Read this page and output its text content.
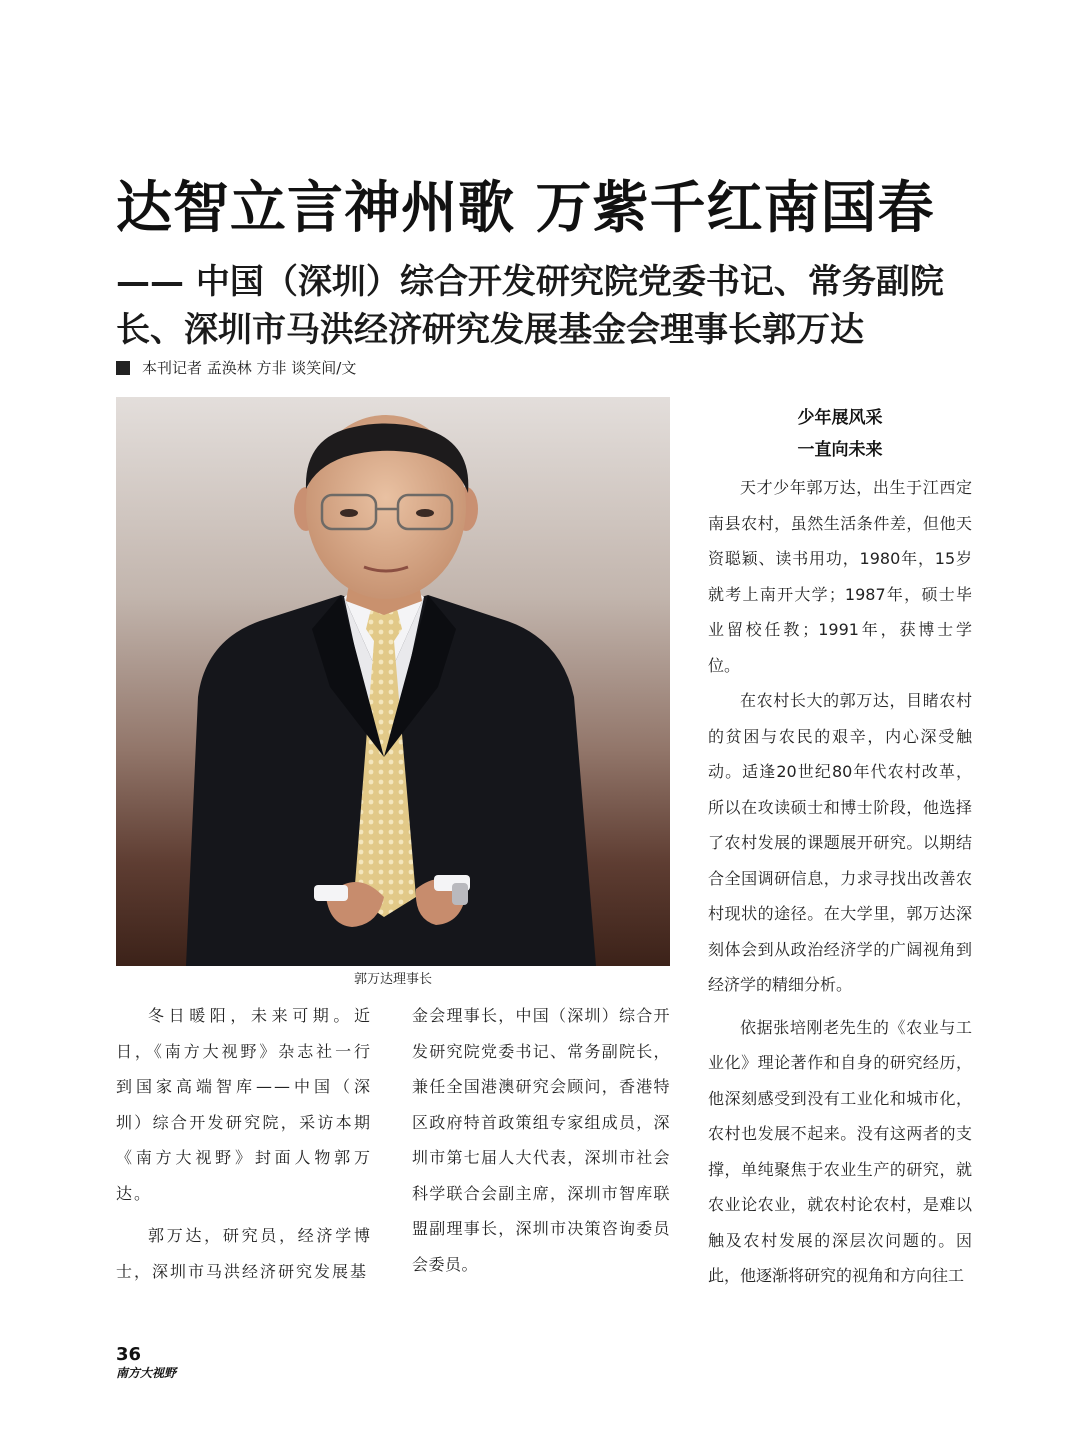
达智立言神州歌 万紫千红南国春
—— 中国（深圳）综合开发研究院党委书记、常务副院长、深圳市马洪经济研究发展基金会理事长郭万达
本刊记者 孟涣林 方非 谈笑间/文
郭万达理事长
少年展风采
一直向未来

天才少年郭万达，出生于江西定南县农村，虽然生活条件差，但他天资聪颖、读书用功，1980年，15岁就考上南开大学；1987年，硕士毕业留校任教；1991年，获博士学位。

在农村长大的郭万达，目睹农村的贫困与农民的艰辛，内心深受触动。适逢20世纪80年代农村改革，所以在攻读硕士和博士阶段，他选择了农村发展的课题展开研究。以期结合全国调研信息，力求寻找出改善农村现状的途径。在大学里，郭万达深刻体会到从政治经济学的广阔视角到经济学的精细分析。

依据张培刚老先生的《农业与工业化》理论著作和自身的研究经历，他深刻感受到没有工业化和城市化，农村也发展不起来。没有这两者的支撑，单纯聚焦于农业生产的研究，就农业论农业，就农村论农村，是难以触及农村发展的深层次问题的。因此，他逐渐将研究的视角和方向往工

冬日暖阳，未来可期。近日，《南方大视野》杂志社一行到国家高端智库——中国（深圳）综合开发研究院，采访本期《南方大视野》封面人物郭万达。

郭万达，研究员，经济学博士，深圳市马洪经济研究发展基

金会理事长，中国（深圳）综合开发研究院党委书记、常务副院长，兼任全国港澳研究会顾问，香港特区政府特首政策组专家组成员，深圳市第七届人大代表，深圳市社会科学联合会副主席，深圳市智库联盟副理事长，深圳市决策咨询委员会委员。

36
南方大视野
